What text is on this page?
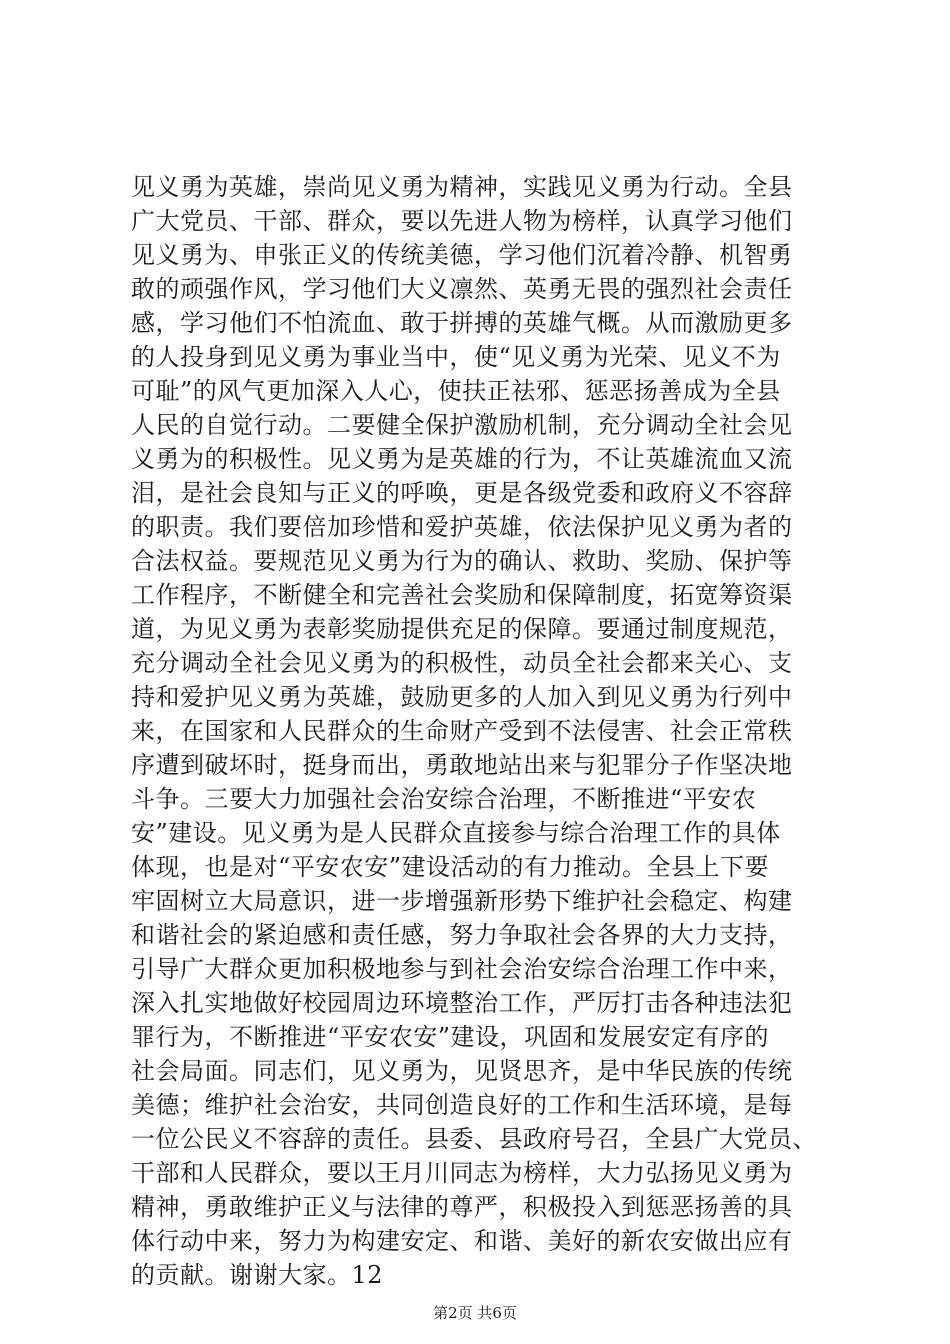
见义勇为英雄，崇尚见义勇为精神，实践见义勇为行动。全县
广大党员、干部、群众，要以先进人物为榜样，认真学习他们
见义勇为、申张正义的传统美德，学习他们沉着冷静、机智勇
敢的顽强作风，学习他们大义凛然、英勇无畏的强烈社会责任
感，学习他们不怕流血、敢于拼搏的英雄气概。从而激励更多
的人投身到见义勇为事业当中，使“见义勇为光荣、见义不为
可耻”的风气更加深入人心，使扶正祛邪、惩恶扬善成为全县
人民的自觉行动。二要健全保护激励机制，充分调动全社会见
义勇为的积极性。见义勇为是英雄的行为，不让英雄流血又流
泪，是社会良知与正义的呼唤，更是各级党委和政府义不容辞
的职责。我们要倍加珍惜和爱护英雄，依法保护见义勇为者的
合法权益。要规范见义勇为行为的确认、救助、奖励、保护等
工作程序，不断健全和完善社会奖励和保障制度，拓宽筹资渠
道，为见义勇为表彰奖励提供充足的保障。要通过制度规范，
充分调动全社会见义勇为的积极性，动员全社会都来关心、支
持和爱护见义勇为英雄，鼓励更多的人加入到见义勇为行列中
来，在国家和人民群众的生命财产受到不法侵害、社会正常秩
序遭到破坏时，挺身而出，勇敢地站出来与犯罪分子作坚决地
斗争。三要大力加强社会治安综合治理，不断推进“平安农
安”建设。见义勇为是人民群众直接参与综合治理工作的具体
体现，也是对“平安农安”建设活动的有力推动。全县上下要
牢固树立大局意识，进一步增强新形势下维护社会稳定、构建
和谐社会的紧迫感和责任感，努力争取社会各界的大力支持，
引导广大群众更加积极地参与到社会治安综合治理工作中来，
深入扎实地做好校园周边环境整治工作，严厉打击各种违法犯
罪行为，不断推进“平安农安”建设，巩固和发展安定有序的
社会局面。同志们，见义勇为，见贤思齐，是中华民族的传统
美德；维护社会治安，共同创造良好的工作和生活环境，是每
一位公民义不容辞的责任。县委、县政府号召，全县广大党员、
干部和人民群众，要以王月川同志为榜样，大力弘扬见义勇为
精神，勇敢维护正义与法律的尊严，积极投入到惩恶扬善的具
体行动中来，努力为构建安定、和谐、美好的新农安做出应有
的贡献。谢谢大家。12
第2页 共6页
